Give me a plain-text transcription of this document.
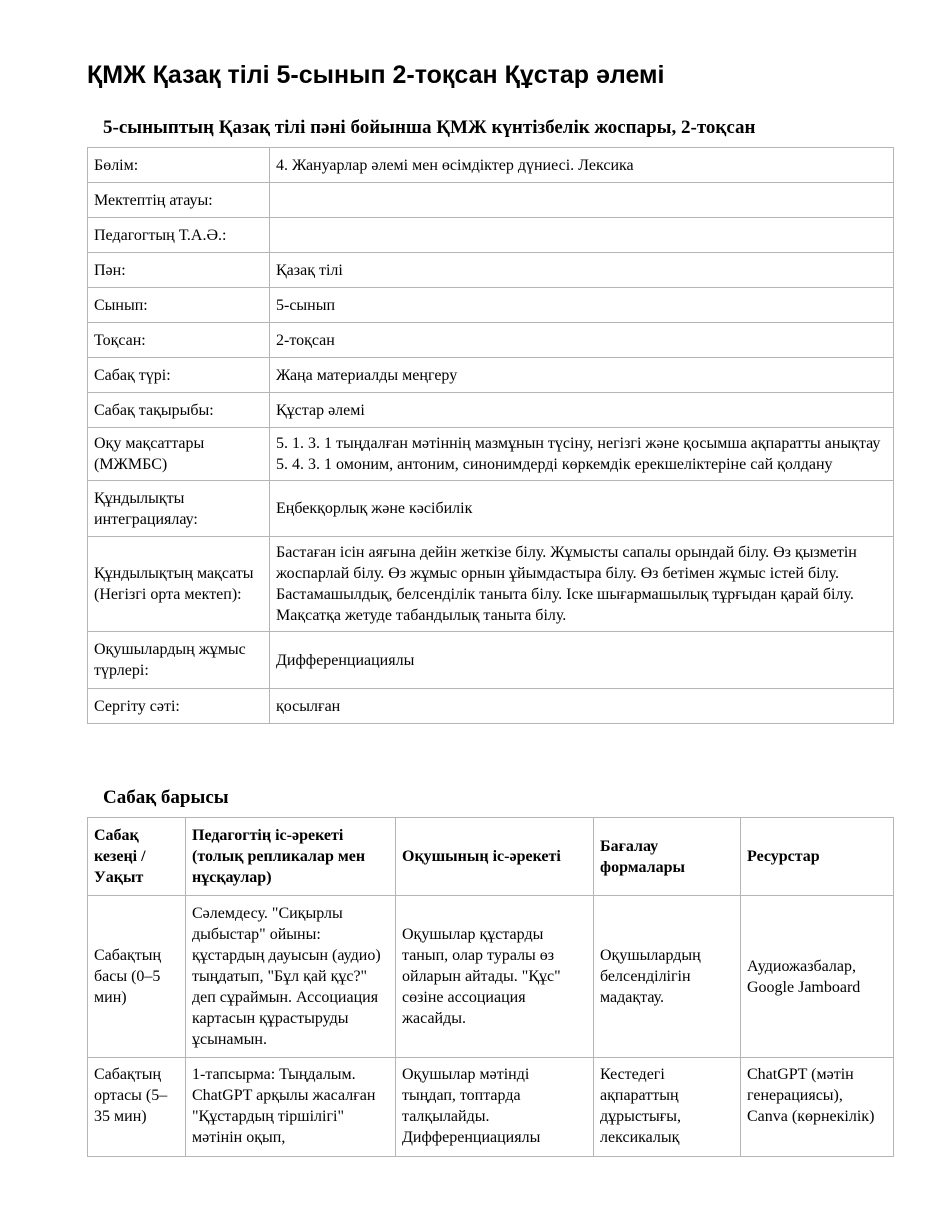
ҚМЖ Қазақ тілі 5-сынып 2-тоқсан Құстар әлемі
5-сыныптың Қазақ тілі пәні бойынша ҚМЖ күнтізбелік жоспары, 2-тоқсан
Бөлім:	4. Жануарлар әлемі мен өсімдіктер дүниесі. Лексика
Мектептің атауы:	
Педагогтың Т.А.Ә.:	
Пән:	Қазақ тілі
Сынып:	5-сынып
Тоқсан:	2-тоқсан
Сабақ түрі:	Жаңа материалды меңгеру
Сабақ тақырыбы:	Құстар әлемі
Оқу мақсаттары (МЖМБС)	5. 1. 3. 1 тыңдалған мәтіннің мазмұнын түсіну, негізгі және қосымша ақпаратты анықтау 5. 4. 3. 1 омоним, антоним, синонимдерді көркемдік ерекшеліктеріне сай қолдану
Құндылықты интеграциялау:	Еңбекқорлық және кәсібилік
Құндылықтың мақсаты (Негізгі орта мектеп):	Бастаған ісін аяғына дейін жеткізе білу. Жұмысты сапалы орындай білу. Өз қызметін жоспарлай білу. Өз жұмыс орнын ұйымдастыра білу. Өз бетімен жұмыс істей білу. Бастамашылдық, белсенділік таныта білу. Іске шығармашылық тұрғыдан қарай білу. Мақсатқа жетуде табандылық таныта білу.
Оқушылардың жұмыс түрлері:	Дифференциациялы
Сергіту сәті:	қосылған
Сабақ барысы
Сабақ кезеңі / Уақыт	Педагогтің іс-әрекеті (толық репликалар мен нұсқаулар)	Оқушының іс-әрекеті	Бағалау формалары	Ресурстар
Сабақтың басы (0–5 мин)	Сәлемдесу. "Сиқырлы дыбыстар" ойыны: құстардың дауысын (аудио) тыңдатып, "Бұл қай құс?" деп сұраймын. Ассоциация картасын құрастыруды ұсынамын.	Оқушылар құстарды танып, олар туралы өз ойларын айтады. "Құс" сөзіне ассоциация жасайды.	Оқушылардың белсенділігін мадақтау.	Аудиожазбалар, Google Jamboard

Сабақтың ортасы (5–35 мин)	1-тапсырма: Тыңдалым. ChatGPT арқылы жасалған "Құстардың тіршілігі" мәтінін оқып,	Оқушылар мәтінді тыңдап, топтарда талқылайды. Дифференциациялы	Кестедегі ақпараттың дұрыстығы, лексикалық	ChatGPT (мәтін генерациясы), Canva (көрнекілік)
